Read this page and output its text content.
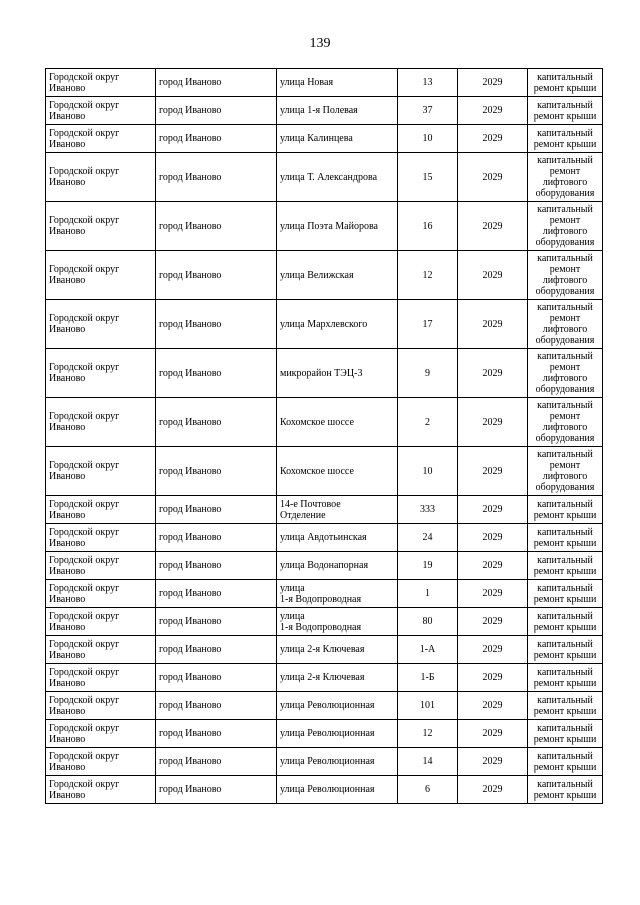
139
Городской округ
Иваново	город Иваново	улица Новая	13	2029	капитальный
ремонт крыши

Городской округ
Иваново	город Иваново	улица 1-я Полевая	37	2029	капитальный
ремонт крыши

Городской округ
Иваново	город Иваново	улица Калинцева	10	2029	капитальный
ремонт крыши

Городской округ
Иваново	город Иваново	улица Т. Александрова	15	2029	капитальный
ремонт
лифтового
оборудования

Городской округ
Иваново	город Иваново	улица Поэта Майорова	16	2029	капитальный
ремонт
лифтового
оборудования

Городской округ
Иваново	город Иваново	улица Велижская	12	2029	капитальный
ремонт
лифтового
оборудования

Городской округ
Иваново	город Иваново	улица Мархлевского	17	2029	капитальный
ремонт
лифтового
оборудования

Городской округ
Иваново	город Иваново	микрорайон ТЭЦ-3	9	2029	капитальный
ремонт
лифтового
оборудования

Городской округ
Иваново	город Иваново	Кохомское шоссе	2	2029	капитальный
ремонт
лифтового
оборудования

Городской округ
Иваново	город Иваново	Кохомское шоссе	10	2029	капитальный
ремонт
лифтового
оборудования

Городской округ
Иваново	город Иваново	14-е Почтовое
Отделение	333	2029	капитальный
ремонт крыши

Городской округ
Иваново	город Иваново	улица Авдотьинская	24	2029	капитальный
ремонт крыши

Городской округ
Иваново	город Иваново	улица Водонапорная	19	2029	капитальный
ремонт крыши

Городской округ
Иваново	город Иваново	улица
1-я Водопроводная	1	2029	капитальный
ремонт крыши

Городской округ
Иваново	город Иваново	улица
1-я Водопроводная	80	2029	капитальный
ремонт крыши

Городской округ
Иваново	город Иваново	улица 2-я Ключевая	1-А	2029	капитальный
ремонт крыши

Городской округ
Иваново	город Иваново	улица 2-я Ключевая	1-Б	2029	капитальный
ремонт крыши

Городской округ
Иваново	город Иваново	улица Революционная	101	2029	капитальный
ремонт крыши

Городской округ
Иваново	город Иваново	улица Революционная	12	2029	капитальный
ремонт крыши

Городской округ
Иваново	город Иваново	улица Революционная	14	2029	капитальный
ремонт крыши

Городской округ
Иваново	город Иваново	улица Революционная	6	2029	капитальный
ремонт крыши
